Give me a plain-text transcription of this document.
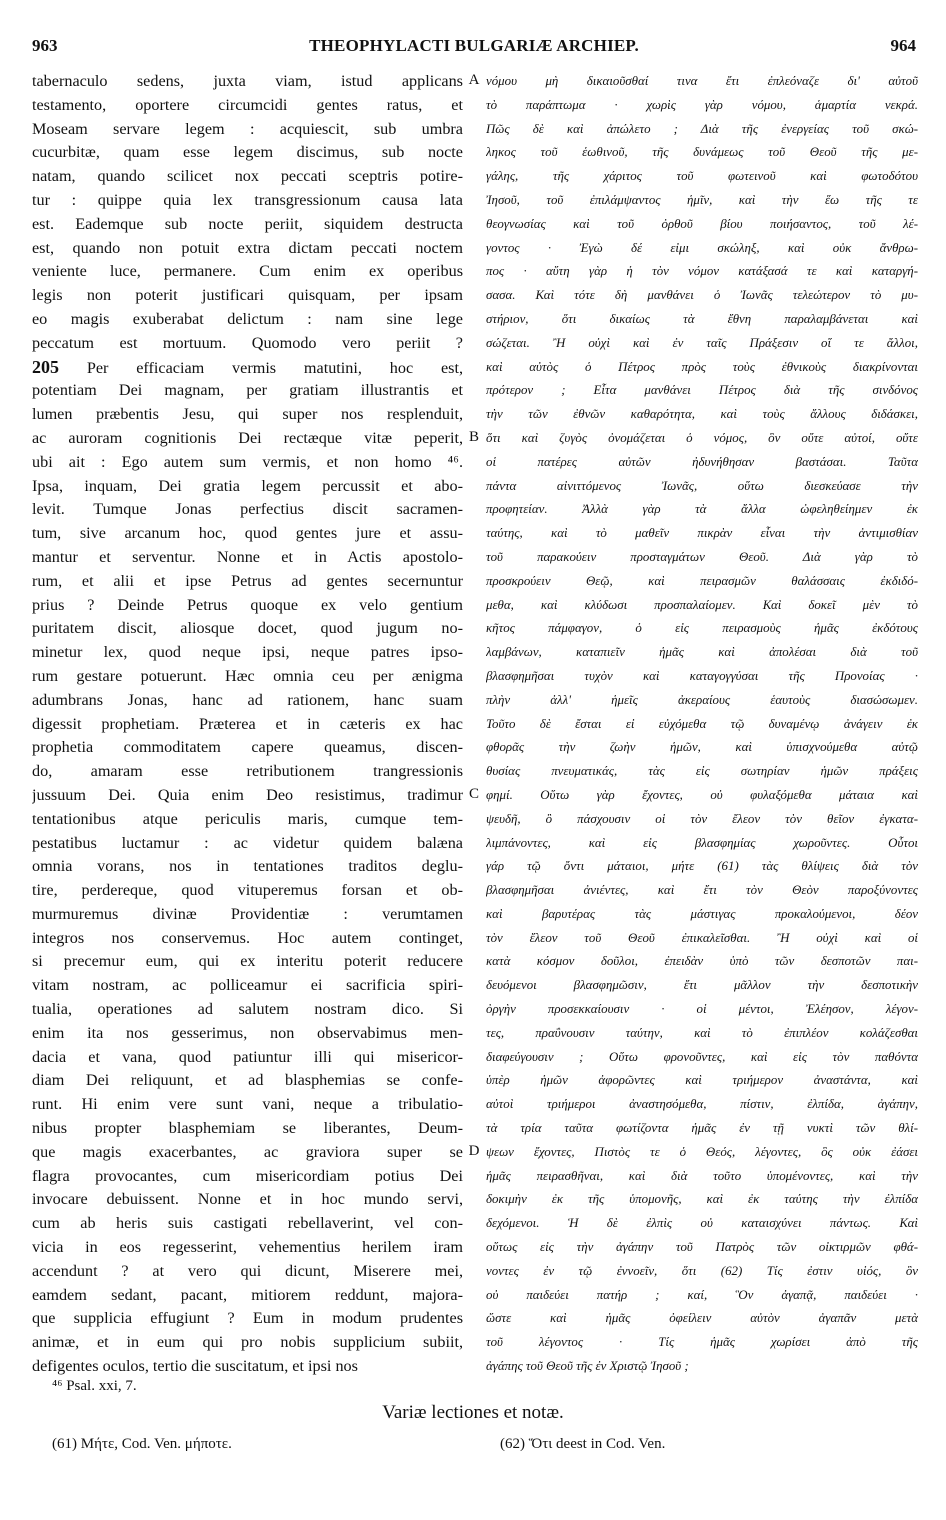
963	THEOPHYLACTI BULGARIÆ ARCHIEP.	964
tabernaculo sedens, juxta viam, istud applicans
testamento, oportere circumcidi gentes ratus, et
Moseam servare legem : acquiescit, sub umbra
cucurbitæ, quam esse legem discimus, sub nocte
natam, quando scilicet nox peccati sceptris potire-
tur : quippe quia lex transgressionum causa lata
est. Eademque sub nocte periit, siquidem destructa
est, quando non potuit extra dictam peccati noctem
veniente luce, permanere. Cum enim ex operibus
legis non poterit justificari quisquam, per ipsam
eo magis exuberabat delictum : nam sine lege
peccatum est mortuum. Quomodo vero periit ?
205 Per efficaciam vermis matutini, hoc est,
potentiam Dei magnam, per gratiam illustrantis et
lumen præbentis Jesu, qui super nos resplenduit,
ac auroram cognitionis Dei rectæque vitæ peperit,
ubi ait : Ego autem sum vermis, et non homo ⁴⁶.
Ipsa, inquam, Dei gratia legem percussit et abo-
levit. Tumque Jonas perfectius discit sacramen-
tum, sive arcanum hoc, quod gentes jure et assu-
mantur et serventur. Nonne et in Actis apostolo-
rum, et alii et ipse Petrus ad gentes secernuntur
prius ? Deinde Petrus quoque ex velo gentium
puritatem discit, aliosque docet, quod jugum no-
minetur lex, quod neque ipsi, neque patres ipso-
rum gestare potuerunt. Hæc omnia ceu per ænigma
adumbrans Jonas, hanc ad rationem, hanc suam
digessit prophetiam. Præterea et in cæteris ex hac
prophetia commoditatem capere queamus, discen-
do, amaram esse retributionem trangressionis
jussuum Dei. Quia enim Deo resistimus, tradimur
tentationibus atque periculis maris, cumque tem-
pestatibus luctamur : ac videtur quidem balæna
omnia vorans, nos in tentationes traditos deglu-
tire, perdereque, quod vituperemus forsan et ob-
murmuremus divinæ Providentiæ : verumtamen
integros nos conservemus. Hoc autem continget,
si precemur eum, qui ex interitu poterit reducere
vitam nostram, ac polliceamur ei sacrificia spiri-
tualia, operationes ad salutem nostram dico. Si
enim ita nos gesserimus, non observabimus men-
dacia et vana, quod patiuntur illi qui misericor-
diam Dei reliquunt, et ad blasphemias se confe-
runt. Hi enim vere sunt vani, neque a tribulatio-
nibus propter blasphemiam se liberantes, Deum-
que magis exacerbantes, ac graviora super se
flagra provocantes, cum misericordiam potius Dei
invocare debuissent. Nonne et in hoc mundo servi,
cum ab heris suis castigati rebellaverint, vel con-
vicia in eos regesserint, vehementius herilem iram
accendunt ? at vero qui dicunt, Miserere mei,
eamdem sedant, pacant, mitiorem reddunt, majora-
que supplicia effugiunt ? Eum in modum prudentes
animæ, et in eum qui pro nobis supplicium subiit,
defigentes oculos, tertio die suscitatum, et ipsi nos
A
B
C
D
νόμου μὴ δικαιοῦσθαί τινα ἔτι ἐπλεόναζε δι' αὐτοῦ
τὸ παράπτωμα · χωρὶς γὰρ νόμου, ἁμαρτία νεκρά.
Πῶς δὲ καὶ ἀπώλετο ; Διὰ τῆς ἐνεργείας τοῦ σκώ-
ληκος τοῦ ἑωθινοῦ, τῆς δυνάμεως τοῦ Θεοῦ τῆς με-
γάλης, τῆς χάριτος τοῦ φωτεινοῦ καὶ φωτοδότου
Ἰησοῦ, τοῦ ἐπιλάμψαντος ἡμῖν, καὶ τὴν ἕω τῆς τε
θεογνωσίας καὶ τοῦ ὀρθοῦ βίου ποιήσαντος, τοῦ λέ-
γοντος · Ἐγὼ δέ εἰμι σκώληξ, καὶ οὐκ ἄνθρω-
πος · αὕτη γὰρ ἡ τὸν νόμον κατάξασά τε καὶ καταργή-
σασα. Καὶ τότε δὴ μανθάνει ὁ Ἰωνᾶς τελεώτερον τὸ μυ-
στήριον, ὅτι δικαίως τὰ ἔθνη παραλαμβάνεται καὶ
σώζεται. Ἢ οὐχὶ καὶ ἐν ταῖς Πράξεσιν οἵ τε ἄλλοι,
καὶ αὐτὸς ὁ Πέτρος πρὸς τοὺς ἐθνικοὺς διακρίνονται
πρότερον ; Εἶτα μανθάνει Πέτρος διὰ τῆς σινδόνος
τὴν τῶν ἐθνῶν καθαρότητα, καὶ τοὺς ἄλλους διδάσκει,
ὅτι καὶ ζυγὸς ὀνομάζεται ὁ νόμος, ὃν οὔτε αὐτοί, οὔτε
οἱ πατέρες αὐτῶν ἠδυνήθησαν βαστάσαι. Ταῦτα
πάντα αἰνιττόμενος Ἰωνᾶς, οὕτω διεσκεύασε τὴν
προφητείαν. Ἀλλὰ γὰρ τὰ ἄλλα ὠφεληθείημεν ἐκ
ταύτης, καὶ τὸ μαθεῖν πικρὰν εἶναι τὴν ἀντιμισθίαν
τοῦ παρακούειν προσταγμάτων Θεοῦ. Διὰ γὰρ τὸ
προσκρούειν Θεῷ, καὶ πειρασμῶν θαλάσσαις ἐκδιδό-
μεθα, καὶ κλύδωσι προσπαλαίομεν. Καὶ δοκεῖ μὲν τὸ
κῆτος πάμφαγον, ὁ εἰς πειρασμοὺς ἡμᾶς ἐκδότους
λαμβάνων, καταπιεῖν ἡμᾶς καὶ ἀπολέσαι διὰ τοῦ
βλασφημῆσαι τυχὸν καὶ καταγογγύσαι τῆς Προνοίας ·
πλὴν ἀλλ' ἡμεῖς ἀκεραίους ἑαυτοὺς διασώσωμεν.
Τοῦτο δὲ ἔσται εἰ εὐχόμεθα τῷ δυναμένῳ ἀνάγειν ἐκ
φθορᾶς τὴν ζωὴν ἡμῶν, καὶ ὑπισχνούμεθα αὐτῷ
θυσίας πνευματικάς, τὰς εἰς σωτηρίαν ἡμῶν πράξεις
φημί. Οὕτω γὰρ ἔχοντες, οὐ φυλαξόμεθα μάταια καὶ
ψευδῆ, ὃ πάσχουσιν οἱ τὸν ἔλεον τὸν θεῖον ἐγκατα-
λιμπάνοντες, καὶ εἰς βλασφημίας χωροῦντες. Οὗτοι
γάρ τῷ ὄντι μάταιοι, μήτε (61) τὰς θλίψεις διὰ τὸν
βλασφημῆσαι ἀνιέντες, καὶ ἔτι τὸν Θεὸν παροξύνοντες
καὶ βαρυτέρας τὰς μάστιγας προκαλούμενοι, δέον
τὸν ἔλεον τοῦ Θεοῦ ἐπικαλεῖσθαι. Ἢ οὐχὶ καὶ οἱ
κατὰ κόσμον δοῦλοι, ἐπειδὰν ὑπὸ τῶν δεσποτῶν παι-
δευόμενοι βλασφημῶσιν, ἔτι μᾶλλον τὴν δεσποτικὴν
ὀργὴν προσεκκαίουσιν · οἱ μέντοι, Ἐλέησον, λέγον-
τες, πραΰνουσιν ταύτην, καὶ τὸ ἐπιπλέον κολάζεσθαι
διαφεύγουσιν ; Οὕτω φρονοῦντες, καὶ εἰς τὸν παθόντα
ὑπὲρ ἡμῶν ἀφορῶντες καὶ τριήμερον ἀναστάντα, καὶ
αὐτοὶ τριήμεροι ἀναστησόμεθα, πίστιν, ἐλπίδα, ἀγάπην,
τὰ τρία ταῦτα φωτίζοντα ἡμᾶς ἐν τῇ νυκτὶ τῶν θλί-
ψεων ἔχοντες, Πιστὸς τε ὁ Θεός, λέγοντες, ὃς οὐκ ἐάσει
ἡμᾶς πειρασθῆναι, καὶ διὰ τοῦτο ὑπομένοντες, καὶ τὴν
δοκιμὴν ἐκ τῆς ὑπομονῆς, καὶ ἐκ ταύτης τὴν ἐλπίδα
δεχόμενοι. Ἡ δὲ ἐλπὶς οὐ καταισχύνει πάντως. Καὶ
οὕτως εἰς τὴν ἀγάπην τοῦ Πατρὸς τῶν οἰκτιρμῶν φθά-
νοντες ἐν τῷ ἐννοεῖν, ὅτι (62) Τίς ἐστιν υἱός, ὃν
οὐ παιδεύει πατήρ ; καί, Ὃν ἀγαπᾷ, παιδεύει ·
ὥστε καὶ ἡμᾶς ὀφείλειν αὐτὸν ἀγαπᾶν μετὰ
τοῦ λέγοντος · Τίς ἡμᾶς χωρίσει ἀπὸ τῆς
ἀγάπης τοῦ Θεοῦ τῆς ἐν Χριστῷ Ἰησοῦ ;
⁴⁶ Psal. xxi, 7.
Variæ lectiones et notæ.
(61) Μήτε, Cod. Ven. μήποτε.	(62) Ὅτι deest in Cod. Ven.
